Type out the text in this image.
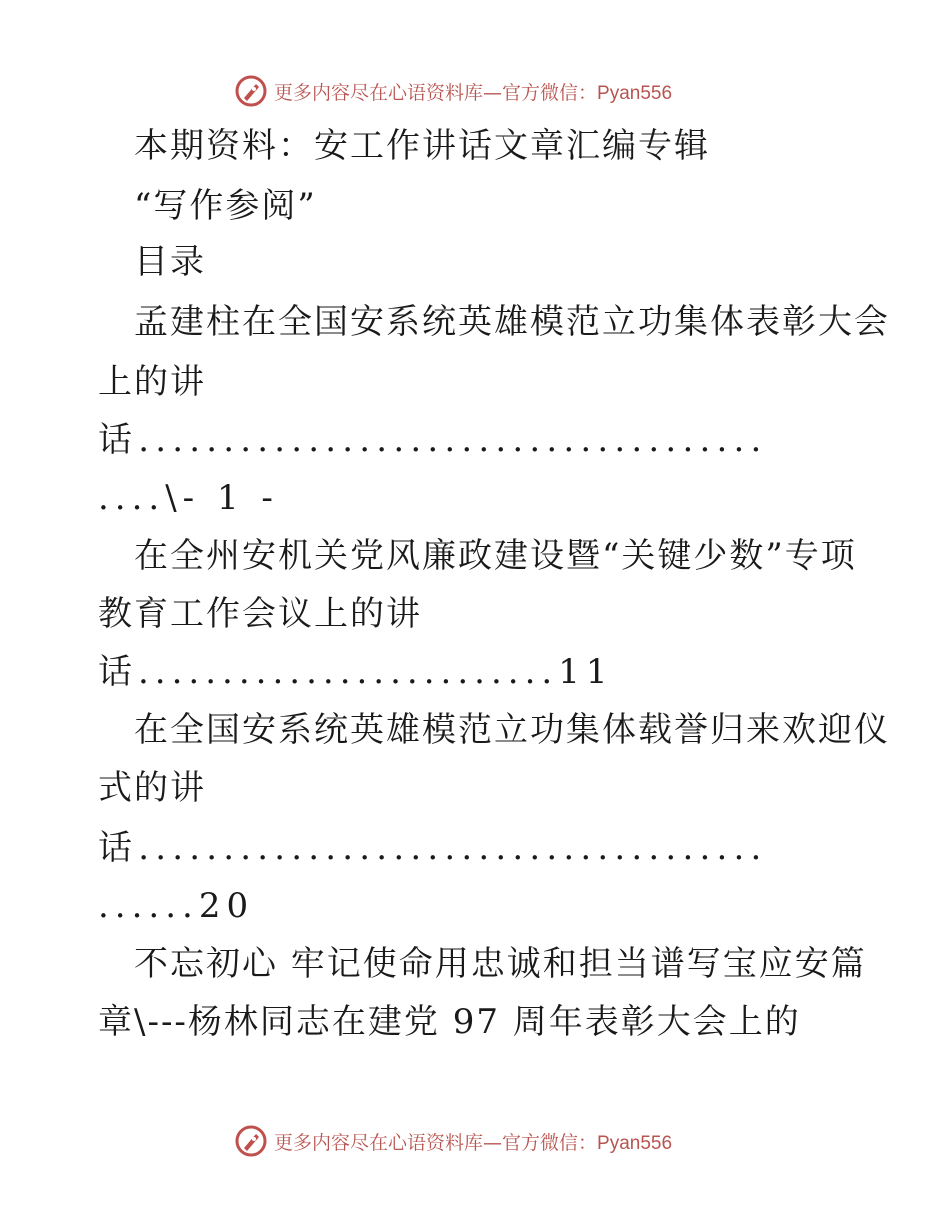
更多内容尽在心语资料库—官方微信：Pyan556
本期资料：安工作讲话文章汇编专辑
“写作参阅”
目录
孟建柱在全国安系统英雄模范立功集体表彰大会
上的讲
话.....................................
....\- 1 -
在全州安机关党风廉政建设暨“关键少数”专项
教育工作会议上的讲
话.........................11
在全国安系统英雄模范立功集体载誉归来欢迎仪
式的讲
话.....................................
......20
不忘初心 牢记使命用忠诚和担当谱写宝应安篇
章\---杨林同志在建党 97 周年表彰大会上的
更多内容尽在心语资料库—官方微信：Pyan556
